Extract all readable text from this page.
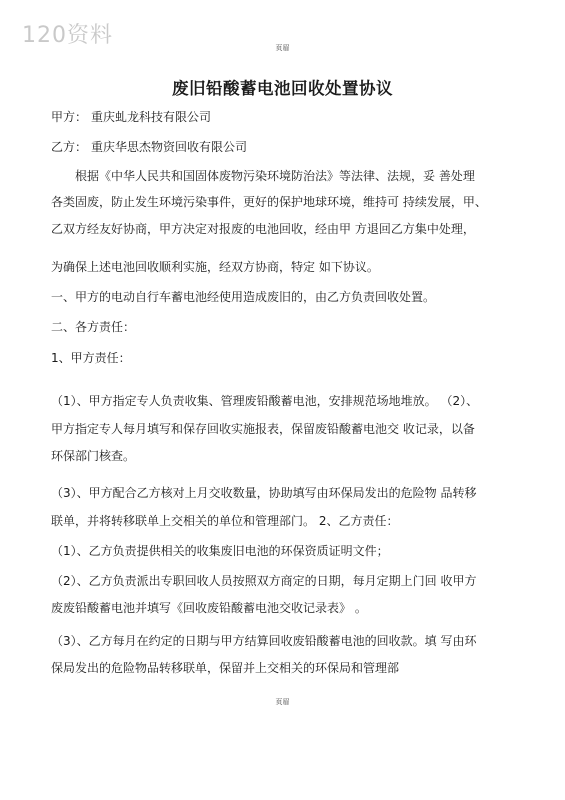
120资料	页眉
废旧铅酸蓄电池回收处置协议
甲方： 重庆虬龙科技有限公司
乙方： 重庆华思杰物资回收有限公司
　　根据《中华人民共和国固体废物污染环境防治法》等法律、法规，妥 善处理
各类固废，防止发生环境污染事件，更好的保护地球环境，维持可 持续发展，甲、
乙双方经友好协商，甲方决定对报废的电池回收，经由甲 方退回乙方集中处理，
为确保上述电池回收顺利实施，经双方协商，特定 如下协议。
一、甲方的电动自行车蓄电池经使用造成废旧的，由乙方负责回收处置。
二、各方责任：
1、甲方责任：
（1）、甲方指定专人负责收集、管理废铅酸蓄电池，安排规范场地堆放。 （2）、
甲方指定专人每月填写和保存回收实施报表，保留废铅酸蓄电池交 收记录，以备
环保部门核查。
（3）、甲方配合乙方核对上月交收数量，协助填写由环保局发出的危险物 品转移
联单，并将转移联单上交相关的单位和管理部门。 2、乙方责任：
（1）、乙方负责提供相关的收集废旧电池的环保资质证明文件；
（2）、乙方负责派出专职回收人员按照双方商定的日期，每月定期上门回 收甲方
废废铅酸蓄电池并填写《回收废铅酸蓄电池交收记录表》 。
（3）、乙方每月在约定的日期与甲方结算回收废铅酸蓄电池的回收款。填 写由环
保局发出的危险物品转移联单，保留并上交相关的环保局和管理部
页眉
